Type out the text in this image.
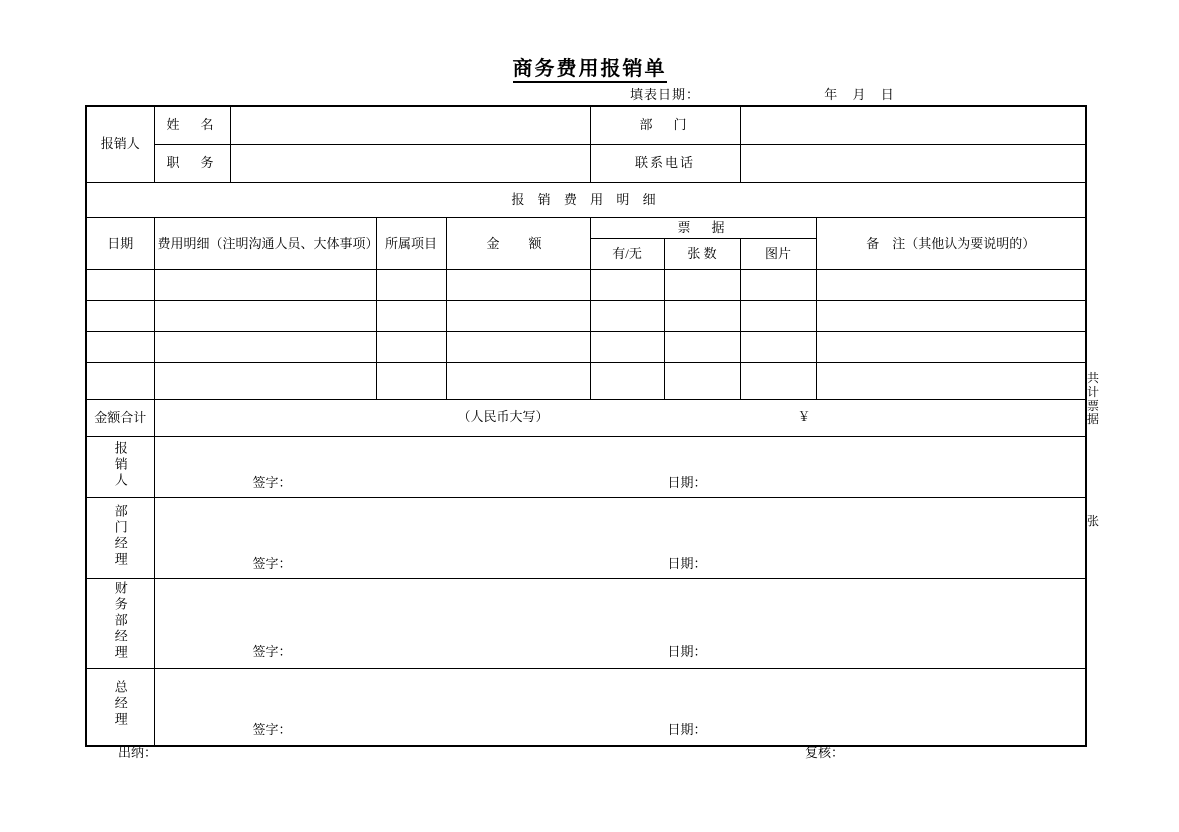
商务费用报销单
填表日期：	年 月 日
报销人	姓　名				部　门			
	职　务				联系电话			
报 销 费 用 明 细								
日期	费用明细（注明沟通人员、大体事项）		所属项目	金　额	票　据			备　注（其他认为要说明的）
					有/无	张 数	图片	

金额合计	（人民币大写） ￥							

报销人	签字： 日期：							

部门经理	签字： 日期：							

财务部经理	签字： 日期：							

总经理	签字： 日期：							
共
计
票
据
张
出纳：	复核：
